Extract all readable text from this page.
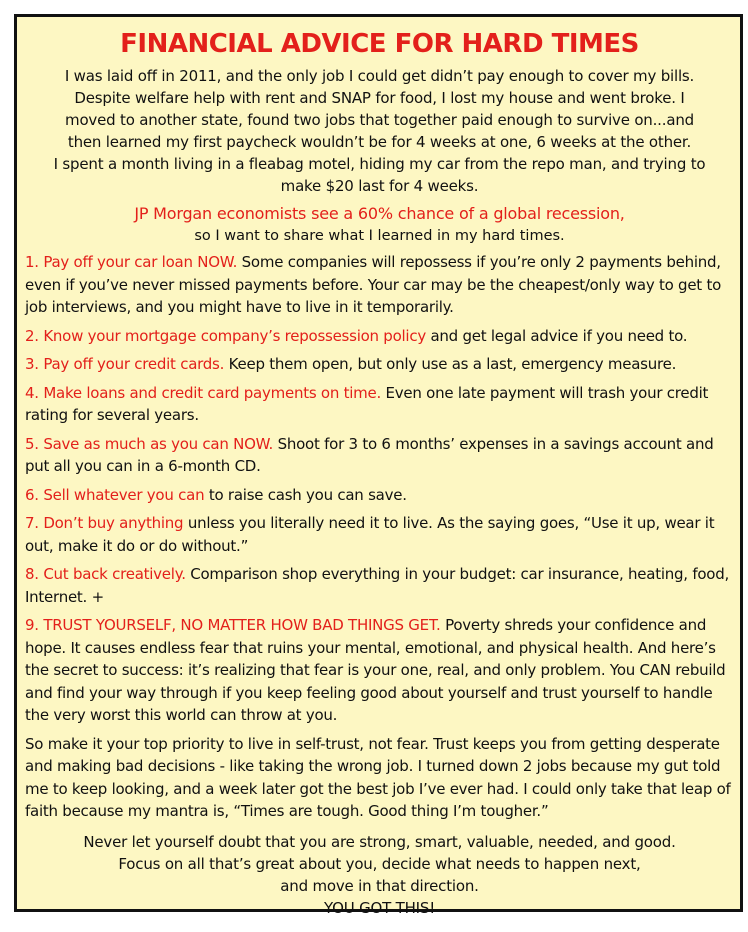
FINANCIAL ADVICE FOR HARD TIMES

I was laid off in 2011, and the only job I could get didn’t pay enough to cover my bills.

Despite welfare help with rent and SNAP for food, I lost my house and went broke. I

moved to another state, found two jobs that together paid enough to survive on...and

then learned my first paycheck wouldn’t be for 4 weeks at one, 6 weeks at the other.

I spent a month living in a fleabag motel, hiding my car from the repo man, and trying to

make $20 last for 4 weeks.

JP Morgan economists see a 60% chance of a global recession,
so I want to share what I learned in my hard times.

1. Pay off your car loan NOW. Some companies will repossess if you’re only 2 payments behind, even if you’ve never missed payments before. Your car may be the cheapest/only way to get to job interviews, and you might have to live in it temporarily.

2. Know your mortgage company’s repossession policy and get legal advice if you need to.

3. Pay off your credit cards. Keep them open, but only use as a last, emergency measure.

4. Make loans and credit card payments on time. Even one late payment will trash your credit rating for several years.

5. Save as much as you can NOW. Shoot for 3 to 6 months’ expenses in a savings account and put all you can in a 6-month CD.

6. Sell whatever you can to raise cash you can save.

7. Don’t buy anything unless you literally need it to live. As the saying goes, “Use it up, wear it out, make it do or do without.”

8. Cut back creatively. Comparison shop everything in your budget: car insurance, heating, food, Internet. +

9. TRUST YOURSELF, NO MATTER HOW BAD THINGS GET. Poverty shreds your confidence and hope. It causes endless fear that ruins your mental, emotional, and physical health. And here’s the secret to success: it’s realizing that fear is your one, real, and only problem. You CAN rebuild and find your way through if you keep feeling good about yourself and trust yourself to handle the very worst this world can throw at you.

So make it your top priority to live in self-trust, not fear. Trust keeps you from getting desperate and making bad decisions - like taking the wrong job. I turned down 2 jobs because my gut told me to keep looking, and a week later got the best job I’ve ever had. I could only take that leap of faith because my mantra is, “Times are tough. Good thing I’m tougher.”

Never let yourself doubt that you are strong, smart, valuable, needed, and good.

Focus on all that’s great about you, decide what needs to happen next,

and move in that direction.

YOU GOT THIS!
